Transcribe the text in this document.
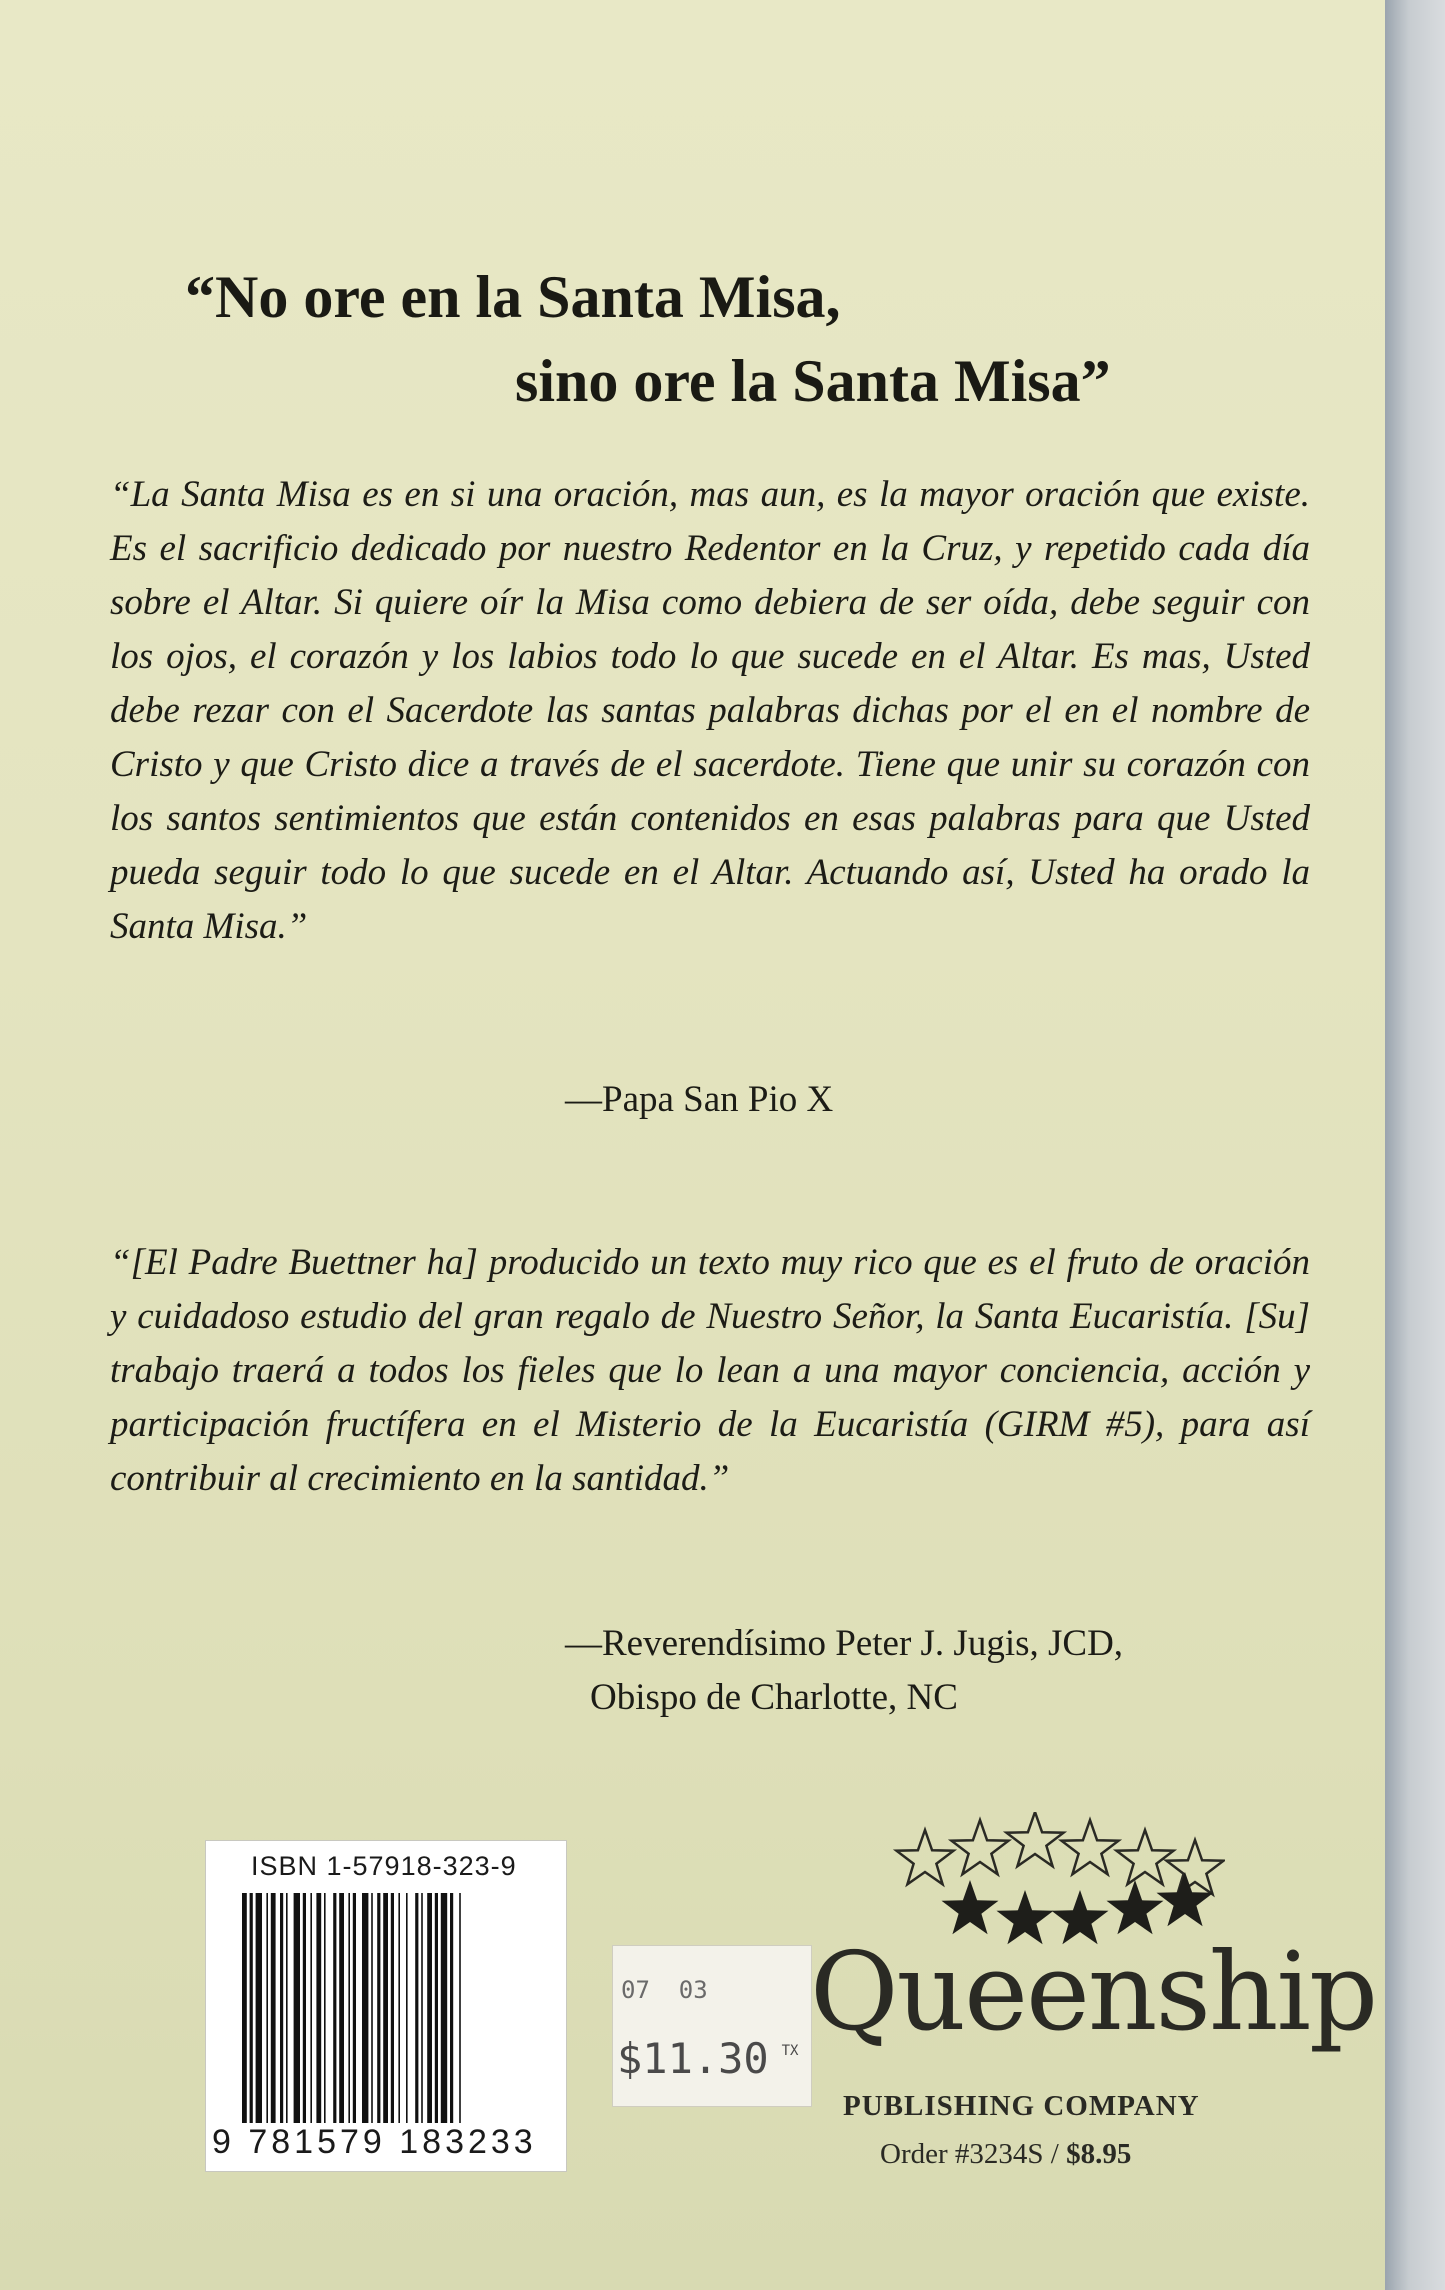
“No ore en la Santa Misa,
sino ore la Santa Misa”

“La Santa Misa es en si una oración, mas aun, es la mayor oración que existe. Es el sacrificio dedicado por nuestro Redentor en la Cruz, y repetido cada día sobre el Altar. Si quiere oír la Misa como debiera de ser oída, debe seguir con los ojos, el corazón y los labios todo lo que sucede en el Altar. Es mas, Usted debe rezar con el Sacerdote las santas palabras dichas por el en el nombre de Cristo y que Cristo dice a través de el sacerdote. Tiene que unir su corazón con los santos sentimientos que están contenidos en esas palabras para que Usted pueda seguir todo lo que sucede en el Altar. Actuando así, Usted ha orado la Santa Misa.”

—Papa San Pio X

“[El Padre Buettner ha] producido un texto muy rico que es el fruto de oración y cuidadoso estudio del gran regalo de Nuestro Señor, la Santa Eucaristía. [Su] trabajo traerá a todos los fieles que lo lean a una mayor conciencia, acción y participación fructífera en el Misterio de la Eucaristía (GIRM #5), para así contribuir al crecimiento en la santidad.”

—Reverendísimo Peter J. Jugis, JCD,
Obispo de Charlotte, NC
ISBN 1-57918-323-9
9 781579 183233
07  03
$11.30 TX Queenship
PUBLISHING COMPANY
Order #3234S / $8.95
